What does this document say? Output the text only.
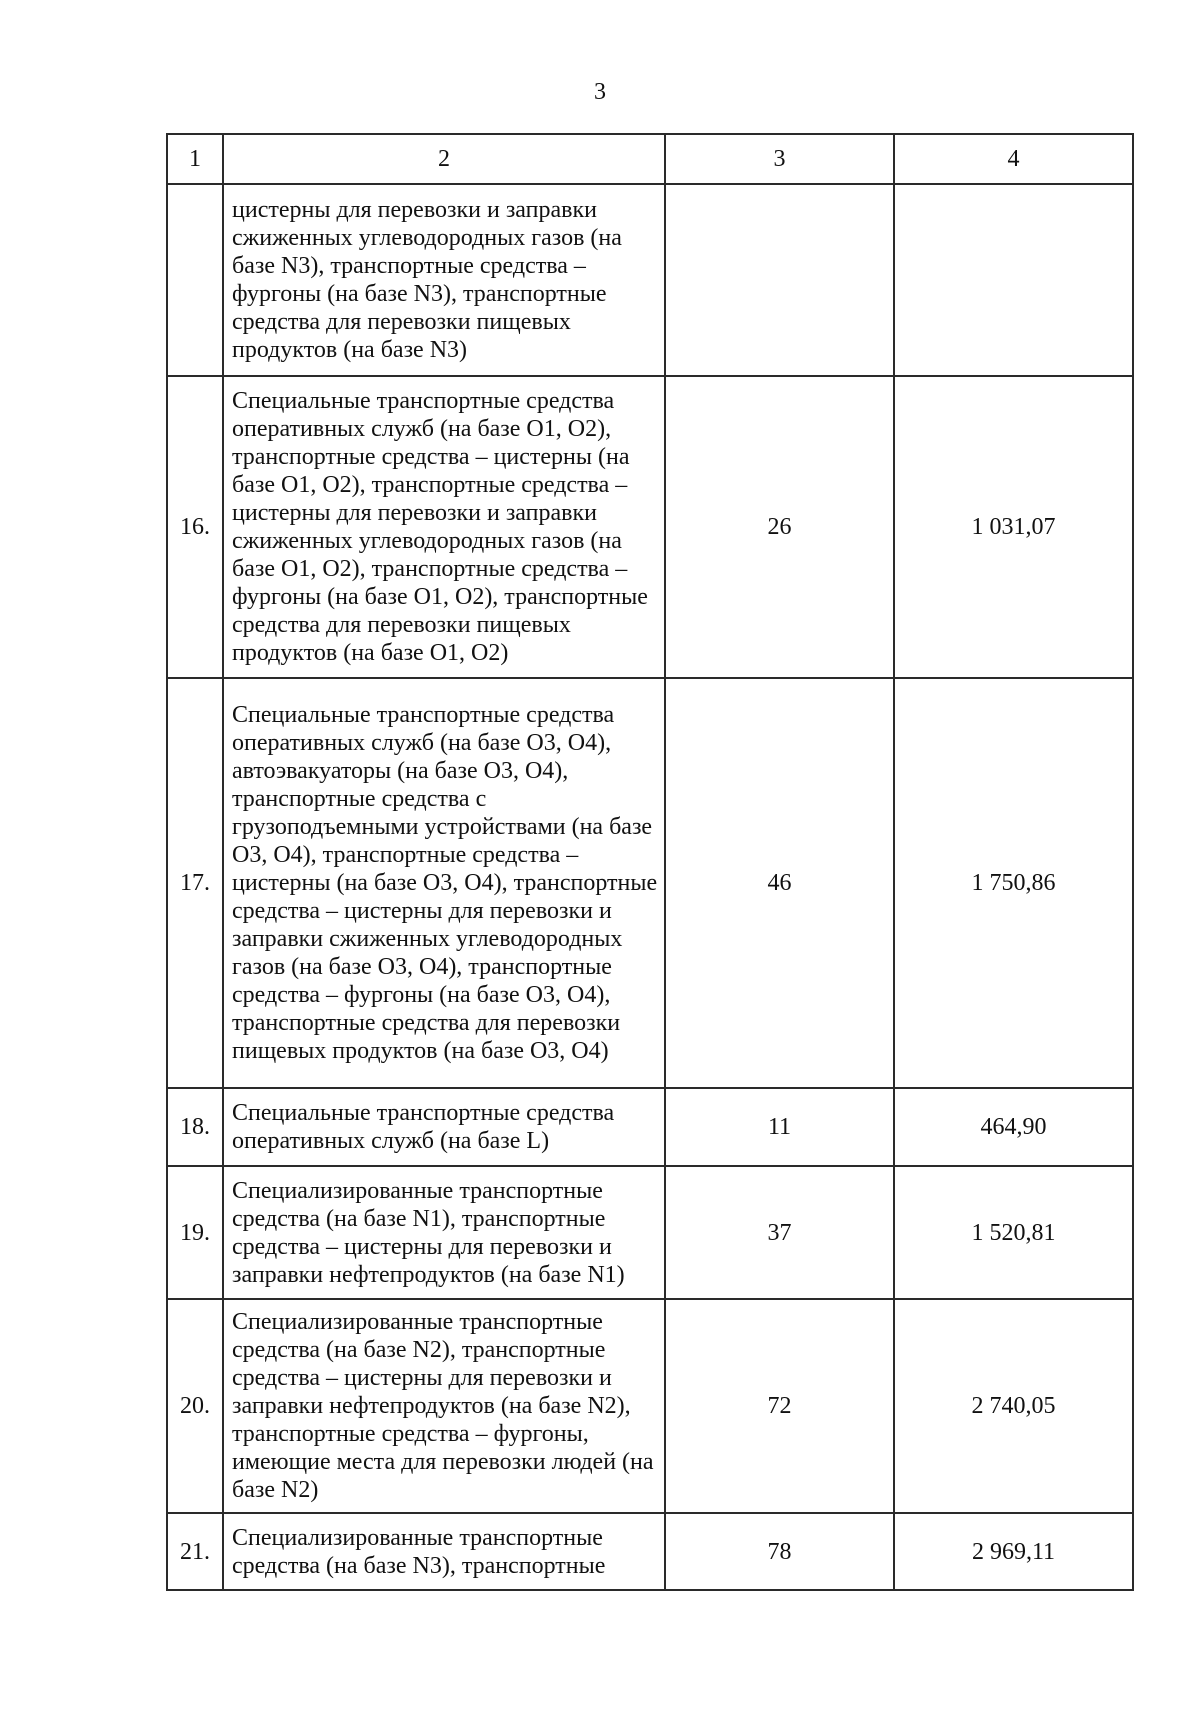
3
1	2	3	4
	цистерны для перевозки и заправки сжиженных углеводородных газов (на базе N3), транспортные средства – фургоны (на базе N3), транспортные средства для перевозки пищевых продуктов (на базе N3)		
16.	Специальные транспортные средства оперативных служб (на базе O1, O2), транспортные средства – цистерны (на базе O1, O2), транспортные средства – цистерны для перевозки и заправки сжиженных углеводородных газов (на базе O1, O2), транспортные средства – фургоны (на базе O1, O2), транспортные средства для перевозки пищевых продуктов (на базе O1, O2)	26	1 031,07
17.	Специальные транспортные средства оперативных служб (на базе O3, O4), автоэвакуаторы (на базе O3, O4), транспортные средства с грузоподъемными устройствами (на базе O3, O4), транспортные средства – цистерны (на базе O3, O4), транспортные средства – цистерны для перевозки и заправки сжиженных углеводородных газов (на базе O3, O4), транспортные средства – фургоны (на базе O3, O4), транспортные средства для перевозки пищевых продуктов (на базе O3, O4)	46	1 750,86
18.	Специальные транспортные средства оперативных служб (на базе L)	11	464,90
19.	Специализированные транспортные средства (на базе N1), транспортные средства – цистерны для перевозки и заправки нефтепродуктов (на базе N1)	37	1 520,81
20.	Специализированные транспортные средства (на базе N2), транспортные средства – цистерны для перевозки и заправки нефтепродуктов (на базе N2), транспортные средства – фургоны, имеющие места для перевозки людей (на базе N2)	72	2 740,05
21.	Специализированные транспортные средства (на базе N3), транспортные	78	2 969,11
